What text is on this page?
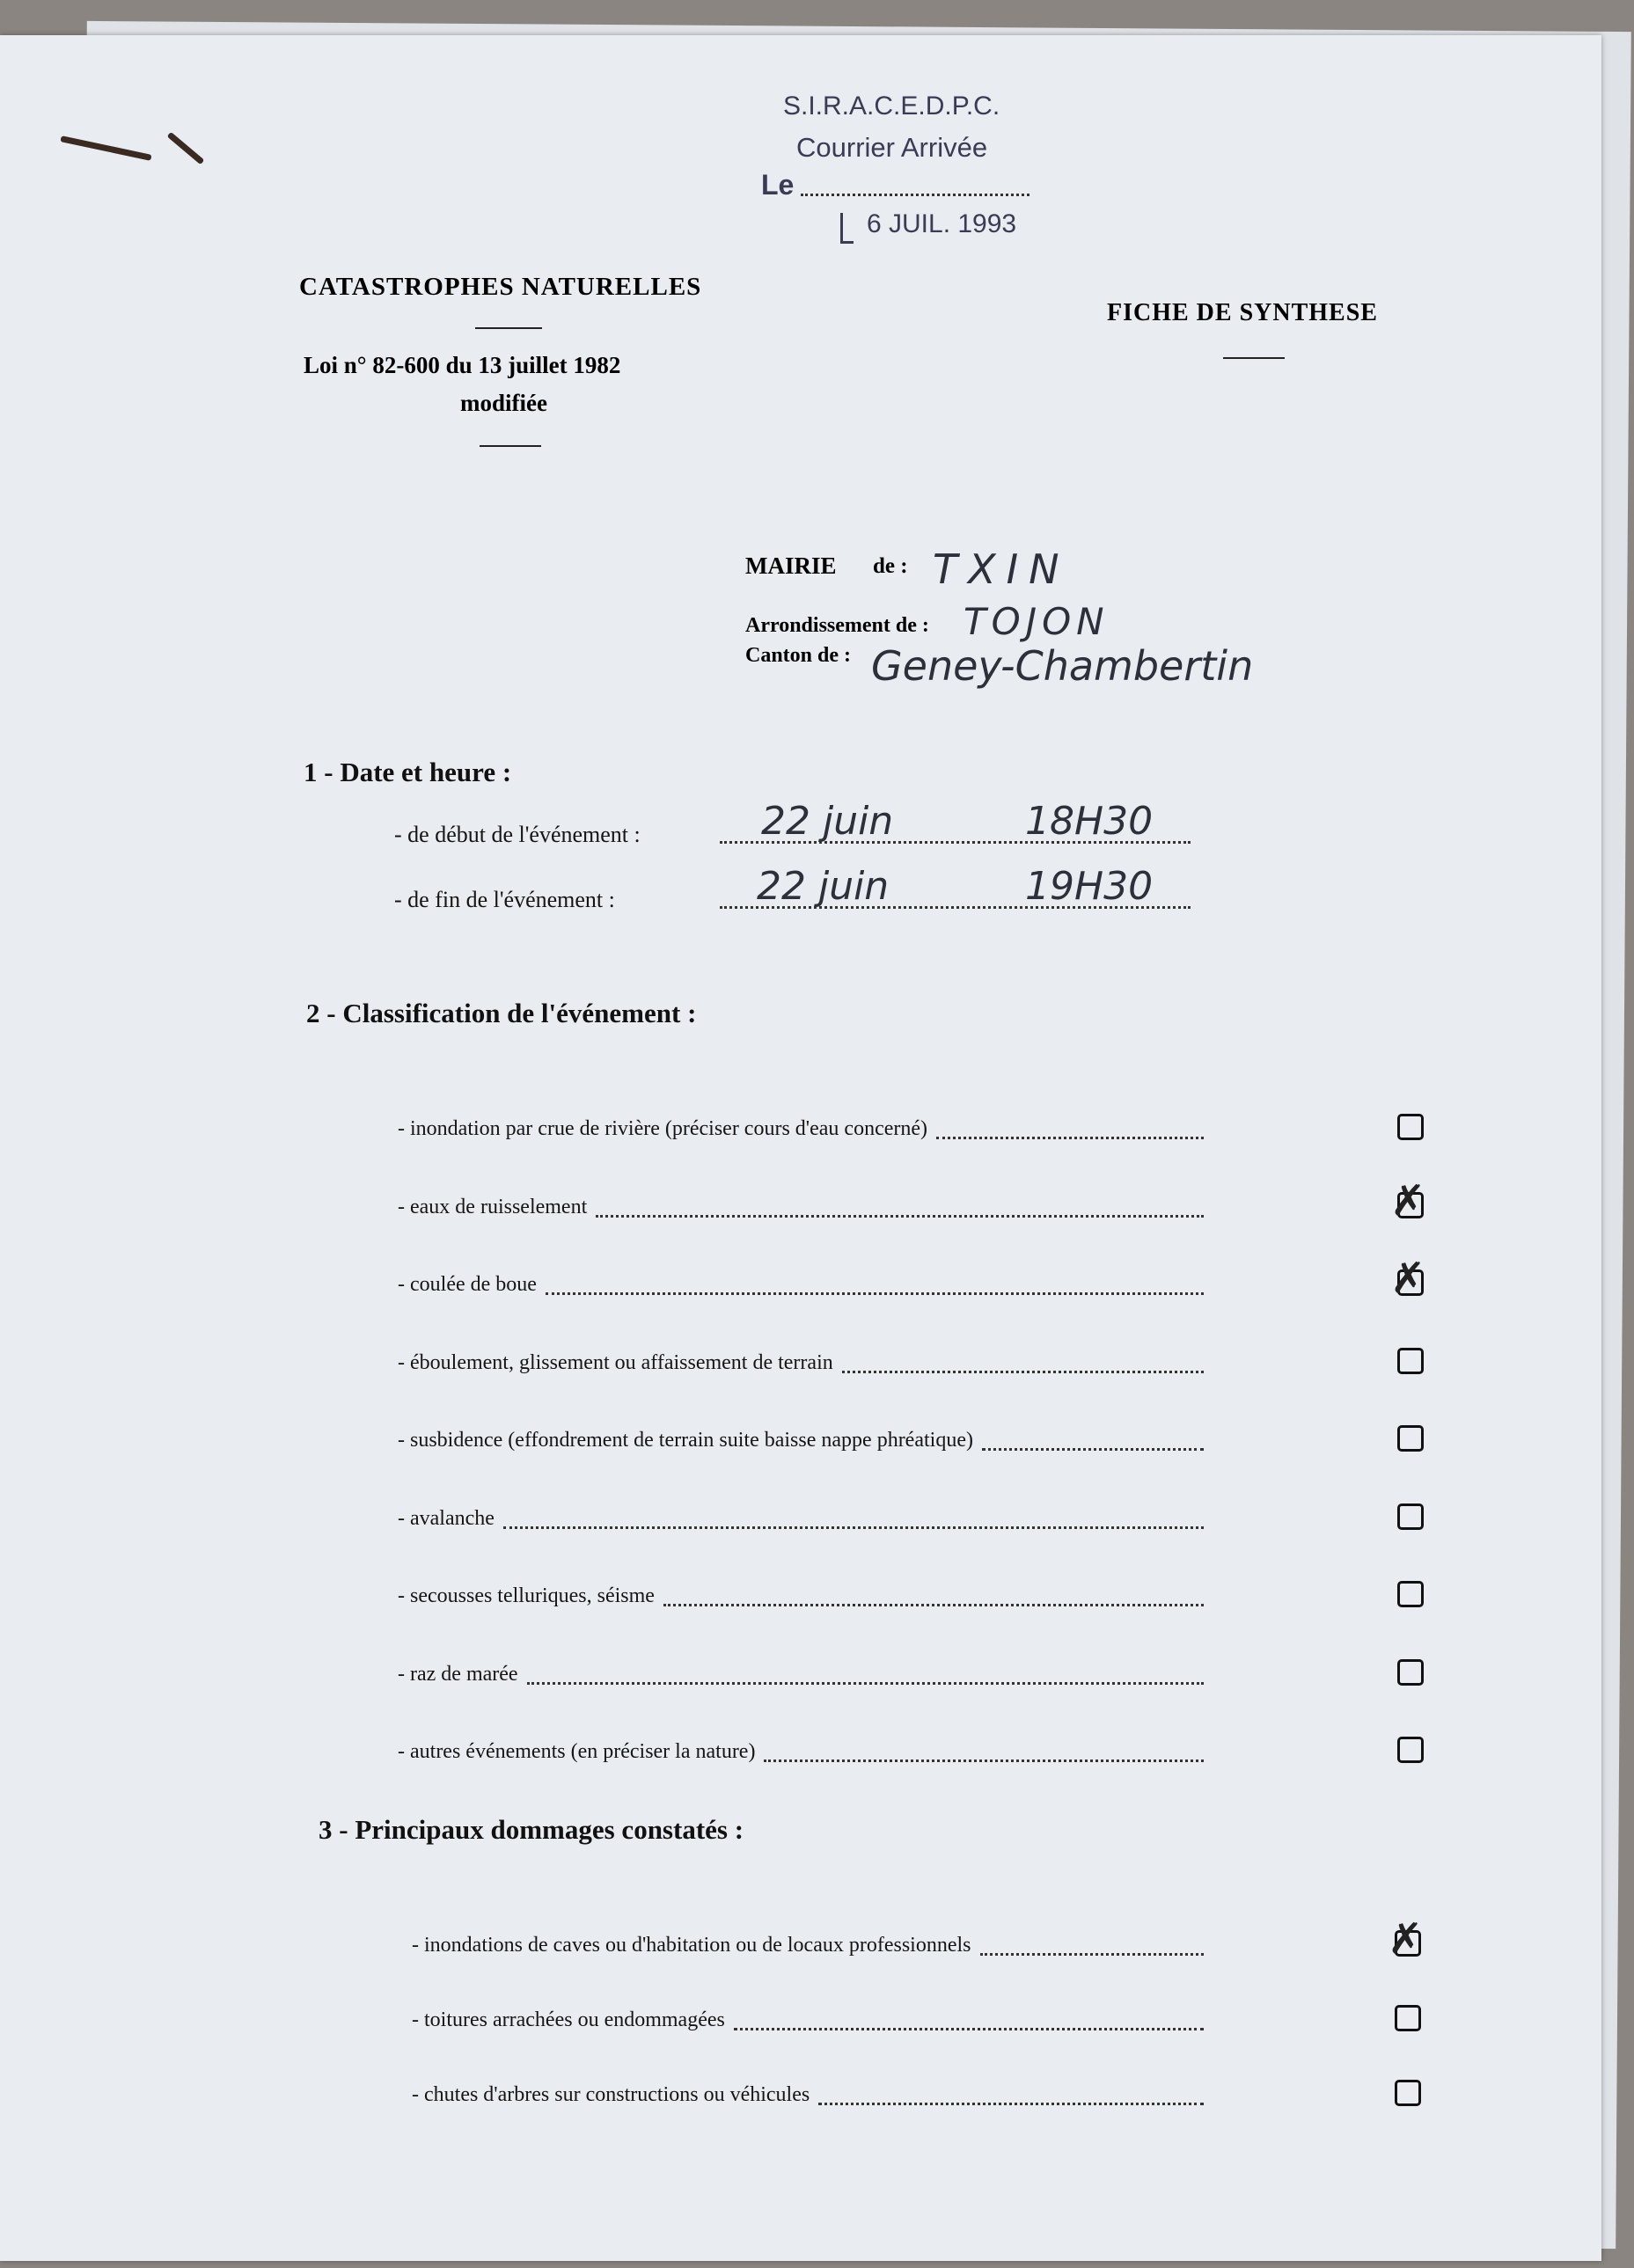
S.I.R.A.C.E.D.P.C.
Courrier Arrivée
Le
6 JUIL. 1993
CATASTROPHES NATURELLES
Loi n° 82-600 du 13 juillet 1982
modifiée
FICHE DE SYNTHESE
MAIRIE de : TXIN
Arrondissement de : TOJON
Canton de : Geney-Chambertin
1 - Date et heure :
- de début de l'événement :	22 juin	18H30
- de fin de l'événement :	22 juin	19H30
2 - Classification de l'événement :
- inondation par crue de rivière (préciser cours d'eau concerné)
- eaux de ruisselement	✗
- coulée de boue	✗
- éboulement, glissement ou affaissement de terrain
- susbidence (effondrement de terrain suite baisse nappe phréatique)
- avalanche
- secousses telluriques, séisme
- raz de marée
- autres événements (en préciser la nature)
3 - Principaux dommages constatés :
- inondations de caves ou d'habitation ou de locaux professionnels	✗
- toitures arrachées ou endommagées
- chutes d'arbres sur constructions ou véhicules
